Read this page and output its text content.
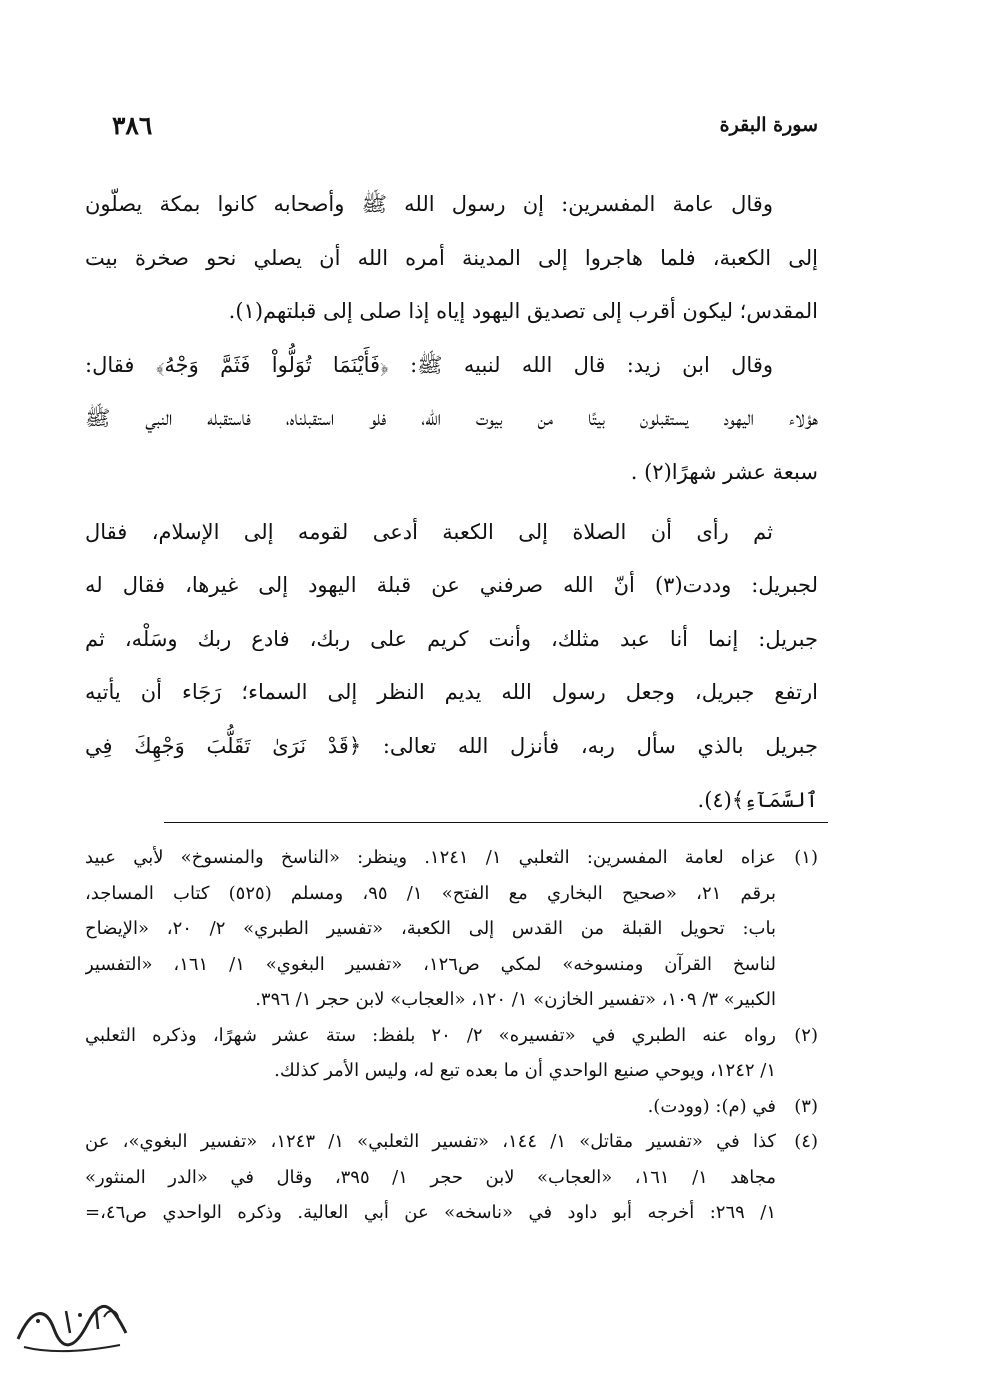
سورة البقرة
٣٨٦
وقال عامة المفسرين: إن رسول الله ﷺ وأصحابه كانوا بمكة يصلّون
إلى الكعبة، فلما هاجروا إلى المدينة أمره الله أن يصلي نحو صخرة بيت
المقدس؛ ليكون أقرب إلى تصديق اليهود إياه إذا صلى إلى قبلتهم(١).
وقال ابن زيد: قال الله لنبيه ﷺ: ﴿فَأَيْنَمَا تُوَلُّواْ فَثَمَّ وَجْهُ﴾ فقال:
هؤلاء اليهود يستقبلون بيتًا من بيوت الله، فلو استقبلناه، فاستقبله النبي ﷺ
سبعة عشر شهرًا(٢) .
ثم رأى أن الصلاة إلى الكعبة أدعى لقومه إلى الإسلام، فقال
لجبريل: وددت(٣) أنّ الله صرفني عن قبلة اليهود إلى غيرها، فقال له
جبريل: إنما أنا عبد مثلك، وأنت كريم على ربك، فادع ربك وسَلْه، ثم
ارتفع جبريل، وجعل رسول الله يديم النظر إلى السماء؛ رَجَاء أن يأتيه
جبريل بالذي سأل ربه، فأنزل الله تعالى: ﴿قَدْ نَرَىٰ تَقَلُّبَ وَجْهِكَ فِي
ٱلسَّمَآءِ﴾(٤).
(١)
عزاه لعامة المفسرين: الثعلبي ١/ ١٢٤١. وينظر: «الناسخ والمنسوخ» لأبي عبيد
برقم ٢١، «صحيح البخاري مع الفتح» ١/ ٩٥، ومسلم (٥٢٥) كتاب المساجد،
باب: تحويل القبلة من القدس إلى الكعبة، «تفسير الطبري» ٢/ ٢٠، «الإيضاح
لناسخ القرآن ومنسوخه» لمكي ص١٢٦، «تفسير البغوي» ١/ ١٦١، «التفسير
الكبير» ٣/ ١٠٩، «تفسير الخازن» ١/ ١٢٠، «العجاب» لابن حجر ١/ ٣٩٦.
(٢)
رواه عنه الطبري في «تفسيره» ٢/ ٢٠ بلفظ: ستة عشر شهرًا، وذكره الثعلبي
١/ ١٢٤٢، ويوحي صنيع الواحدي أن ما بعده تبع له، وليس الأمر كذلك.
(٣)
في (م): (وودت).
(٤)
كذا في «تفسير مقاتل» ١/ ١٤٤، «تفسير الثعلبي» ١/ ١٢٤٣، «تفسير البغوي»، عن
مجاهد ١/ ١٦١، «العجاب» لابن حجر ١/ ٣٩٥، وقال في «الدر المنثور»
١/ ٢٦٩: أخرجه أبو داود في «ناسخه» عن أبي العالية. وذكره الواحدي ص٤٦،=
